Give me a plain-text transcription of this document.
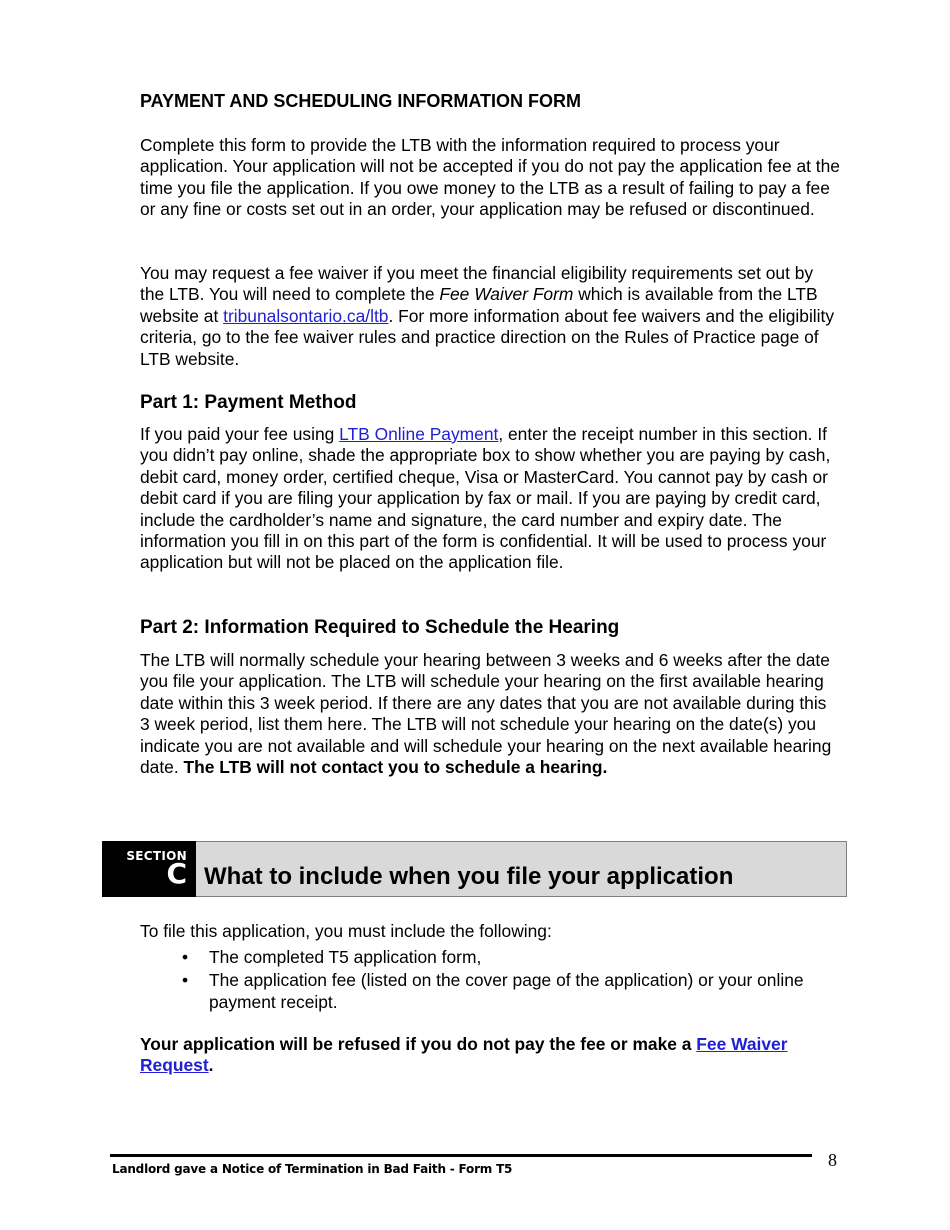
PAYMENT AND SCHEDULING INFORMATION FORM

Complete this form to provide the LTB with the information required to process your application. Your application will not be accepted if you do not pay the application fee at the time you file the application. If you owe money to the LTB as a result of failing to pay a fee or any fine or costs set out in an order, your application may be refused or discontinued.

You may request a fee waiver if you meet the financial eligibility requirements set out by the LTB. You will need to complete the Fee Waiver Form which is available from the LTB website at tribunalsontario.ca/ltb. For more information about fee waivers and the eligibility criteria, go to the fee waiver rules and practice direction on the Rules of Practice page of LTB website.

Part 1: Payment Method

If you paid your fee using LTB Online Payment, enter the receipt number in this section. If you didn’t pay online, shade the appropriate box to show whether you are paying by cash, debit card, money order, certified cheque, Visa or MasterCard. You cannot pay by cash or debit card if you are filing your application by fax or mail. If you are paying by credit card, include the cardholder’s name and signature, the card number and expiry date. The information you fill in on this part of the form is confidential. It will be used to process your application but will not be placed on the application file.

Part 2: Information Required to Schedule the Hearing

The LTB will normally schedule your hearing between 3 weeks and 6 weeks after the date you file your application. The LTB will schedule your hearing on the first available hearing date within this 3 week period. If there are any dates that you are not available during this 3 week period, list them here. The LTB will not schedule your hearing on the date(s) you indicate you are not available and will schedule your hearing on the next available hearing date. The LTB will not contact you to schedule a hearing.

SECTION
C What to include when you file your application

To file this application, you must include the following:

• The completed T5 application form,
• The application fee (listed on the cover page of the application) or your online payment receipt.

Your application will be refused if you do not pay the fee or make a Fee Waiver Request.

Landlord gave a Notice of Termination in Bad Faith - Form T5	8
